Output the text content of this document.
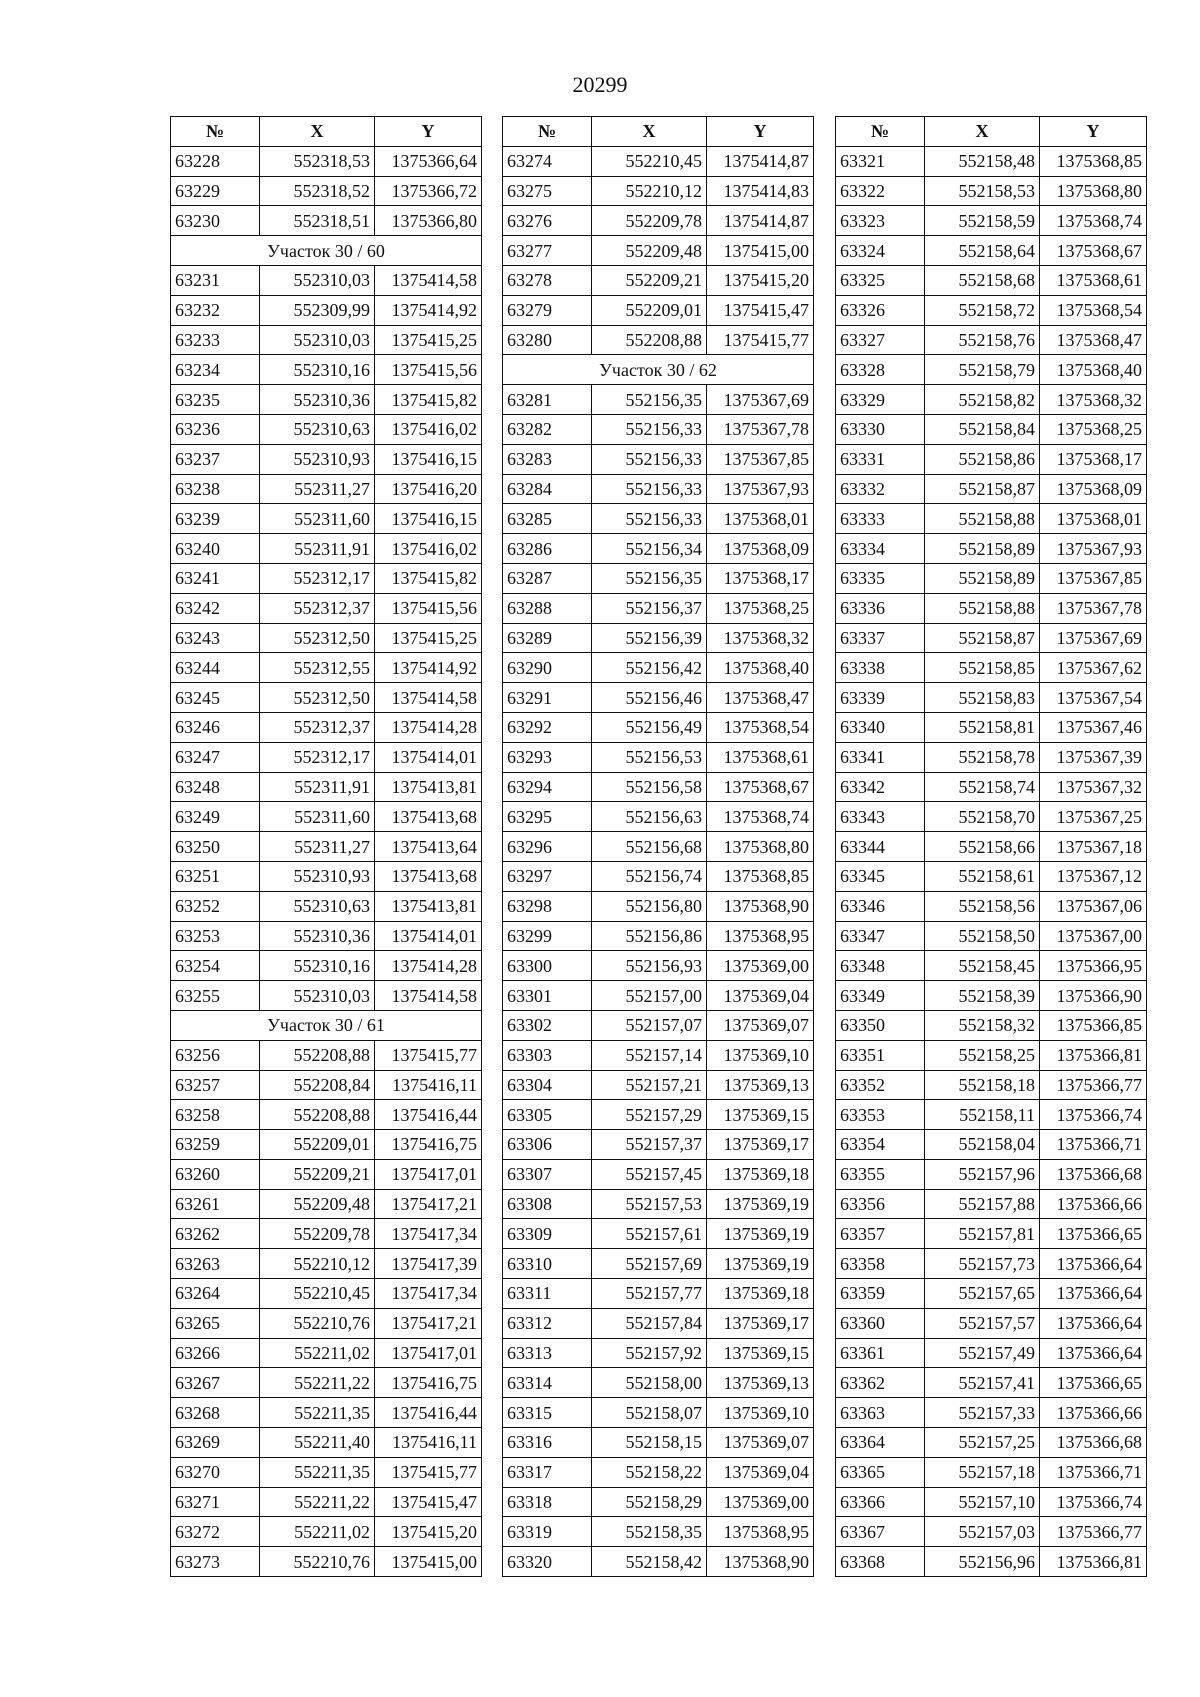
20299
№	X	Y
63228	552318,53	1375366,64
63229	552318,52	1375366,72
63230	552318,51	1375366,80
Участок 30 / 60		
63231	552310,03	1375414,58
63232	552309,99	1375414,92
63233	552310,03	1375415,25
63234	552310,16	1375415,56
63235	552310,36	1375415,82
63236	552310,63	1375416,02
63237	552310,93	1375416,15
63238	552311,27	1375416,20
63239	552311,60	1375416,15
63240	552311,91	1375416,02
63241	552312,17	1375415,82
63242	552312,37	1375415,56
63243	552312,50	1375415,25
63244	552312,55	1375414,92
63245	552312,50	1375414,58
63246	552312,37	1375414,28
63247	552312,17	1375414,01
63248	552311,91	1375413,81
63249	552311,60	1375413,68
63250	552311,27	1375413,64
63251	552310,93	1375413,68
63252	552310,63	1375413,81
63253	552310,36	1375414,01
63254	552310,16	1375414,28
63255	552310,03	1375414,58
Участок 30 / 61		
63256	552208,88	1375415,77
63257	552208,84	1375416,11
63258	552208,88	1375416,44
63259	552209,01	1375416,75
63260	552209,21	1375417,01
63261	552209,48	1375417,21
63262	552209,78	1375417,34
63263	552210,12	1375417,39
63264	552210,45	1375417,34
63265	552210,76	1375417,21
63266	552211,02	1375417,01
63267	552211,22	1375416,75
63268	552211,35	1375416,44
63269	552211,40	1375416,11
63270	552211,35	1375415,77
63271	552211,22	1375415,47
63272	552211,02	1375415,20
63273	552210,76	1375415,00
№	X	Y
63274	552210,45	1375414,87
63275	552210,12	1375414,83
63276	552209,78	1375414,87
63277	552209,48	1375415,00
63278	552209,21	1375415,20
63279	552209,01	1375415,47
63280	552208,88	1375415,77
Участок 30 / 62		
63281	552156,35	1375367,69
63282	552156,33	1375367,78
63283	552156,33	1375367,85
63284	552156,33	1375367,93
63285	552156,33	1375368,01
63286	552156,34	1375368,09
63287	552156,35	1375368,17
63288	552156,37	1375368,25
63289	552156,39	1375368,32
63290	552156,42	1375368,40
63291	552156,46	1375368,47
63292	552156,49	1375368,54
63293	552156,53	1375368,61
63294	552156,58	1375368,67
63295	552156,63	1375368,74
63296	552156,68	1375368,80
63297	552156,74	1375368,85
63298	552156,80	1375368,90
63299	552156,86	1375368,95
63300	552156,93	1375369,00
63301	552157,00	1375369,04
63302	552157,07	1375369,07
63303	552157,14	1375369,10
63304	552157,21	1375369,13
63305	552157,29	1375369,15
63306	552157,37	1375369,17
63307	552157,45	1375369,18
63308	552157,53	1375369,19
63309	552157,61	1375369,19
63310	552157,69	1375369,19
63311	552157,77	1375369,18
63312	552157,84	1375369,17
63313	552157,92	1375369,15
63314	552158,00	1375369,13
63315	552158,07	1375369,10
63316	552158,15	1375369,07
63317	552158,22	1375369,04
63318	552158,29	1375369,00
63319	552158,35	1375368,95
63320	552158,42	1375368,90
№	X	Y
63321	552158,48	1375368,85
63322	552158,53	1375368,80
63323	552158,59	1375368,74
63324	552158,64	1375368,67
63325	552158,68	1375368,61
63326	552158,72	1375368,54
63327	552158,76	1375368,47
63328	552158,79	1375368,40
63329	552158,82	1375368,32
63330	552158,84	1375368,25
63331	552158,86	1375368,17
63332	552158,87	1375368,09
63333	552158,88	1375368,01
63334	552158,89	1375367,93
63335	552158,89	1375367,85
63336	552158,88	1375367,78
63337	552158,87	1375367,69
63338	552158,85	1375367,62
63339	552158,83	1375367,54
63340	552158,81	1375367,46
63341	552158,78	1375367,39
63342	552158,74	1375367,32
63343	552158,70	1375367,25
63344	552158,66	1375367,18
63345	552158,61	1375367,12
63346	552158,56	1375367,06
63347	552158,50	1375367,00
63348	552158,45	1375366,95
63349	552158,39	1375366,90
63350	552158,32	1375366,85
63351	552158,25	1375366,81
63352	552158,18	1375366,77
63353	552158,11	1375366,74
63354	552158,04	1375366,71
63355	552157,96	1375366,68
63356	552157,88	1375366,66
63357	552157,81	1375366,65
63358	552157,73	1375366,64
63359	552157,65	1375366,64
63360	552157,57	1375366,64
63361	552157,49	1375366,64
63362	552157,41	1375366,65
63363	552157,33	1375366,66
63364	552157,25	1375366,68
63365	552157,18	1375366,71
63366	552157,10	1375366,74
63367	552157,03	1375366,77
63368	552156,96	1375366,81
